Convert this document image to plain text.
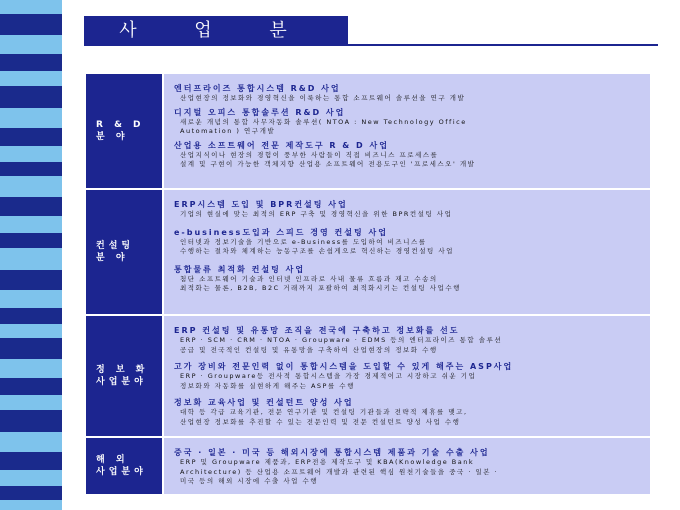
사 업 분 야
R & D
분 야
엔터프라이즈 통합시스템 R&D 사업
산업현장의 정보화와 경영혁신을 이룩하는 통합 소프트웨어 솔루션을 연구 개발
디지털 오피스 통합솔루션 R&D 사업
새로운 개념의 통합 사무자동화 솔루션( NTOA : New Technology Office
Automation ) 연구개발
산업용 소프트웨어 전문 제작도구 R & D 사업
산업지식이나 현장의 경험이 풍부한 사람들이 직접 비즈니스 프로세스를
설계 및 구현이 가능한 객체지향 산업용 소프트웨어 전용도구인 '프로세스오' 개발
컨설팅
분 야
ERP시스템 도입 및 BPR컨설팅 사업
기업의 현실에 맞는 최적의 ERP 구축 및 경영혁신을 위한 BPR컨설팅 사업
e-business도입과 스피드 경영 컨설팅 사업
인터넷과 정보기술을 기반으로 e-Business를 도입하여 비즈니스를
수행하는 절차와 체계하는 능동구조를 손쉽게으로 혁신하는 경영컨설팅 사업
통합물류 최적화 컨설팅 사업
첨단 소프트웨어 기술과 인터넷 인프라로 사내 물류 흐름과 재고 수송의
최적화는 물론, B2B, B2C 거래까지 포괄하여 최적화시키는 컨설팅 사업수행
정 보 화
사업분야
ERP 컨설팅 및 유통망 조직을 전국에 구축하고 정보화를 선도
ERP · SCM · CRM · NTOA · Groupware · EDMS 등의 엔터프라이즈 통합 솔루션
공급 및 전국적인 컨설팅 및 유통망을 구축하여 산업현장의 정보화 수행
고가 장비와 전문인력 없이 통합시스템을 도입할 수 있게 해주는 ASP사업
ERP · Groupware등 전사적 통합시스템을 가장 경제적이고 시장하고 쉬운 기업
정보화와 자동화를 실현하게 해주는 ASP를 수행
정보화 교육사업 및 컨설턴트 양성 사업
대학 등 각급 교육기관, 전문 연구기관 및 컨설팅 기관들과 전략적 제휴를 맺고,
산업현장 정보화를 추진할 수 있는 전문인력 및 전문 컨설턴트 양성 사업 수행
해 외
사업분야
중국 · 일본 · 미국 등 해외시장에 통합시스템 제품과 기술 수출 사업
ERP 및 Groupware 제품과, ERP전용 제작도구 및 KBA(Knowledge Bank
Architecture) 등 산업용 소프트웨어 개발과 관련된 핵심 원천기술들을 중국 · 일본 ·
미국 등의 해외 시장에 수출 사업 수행
